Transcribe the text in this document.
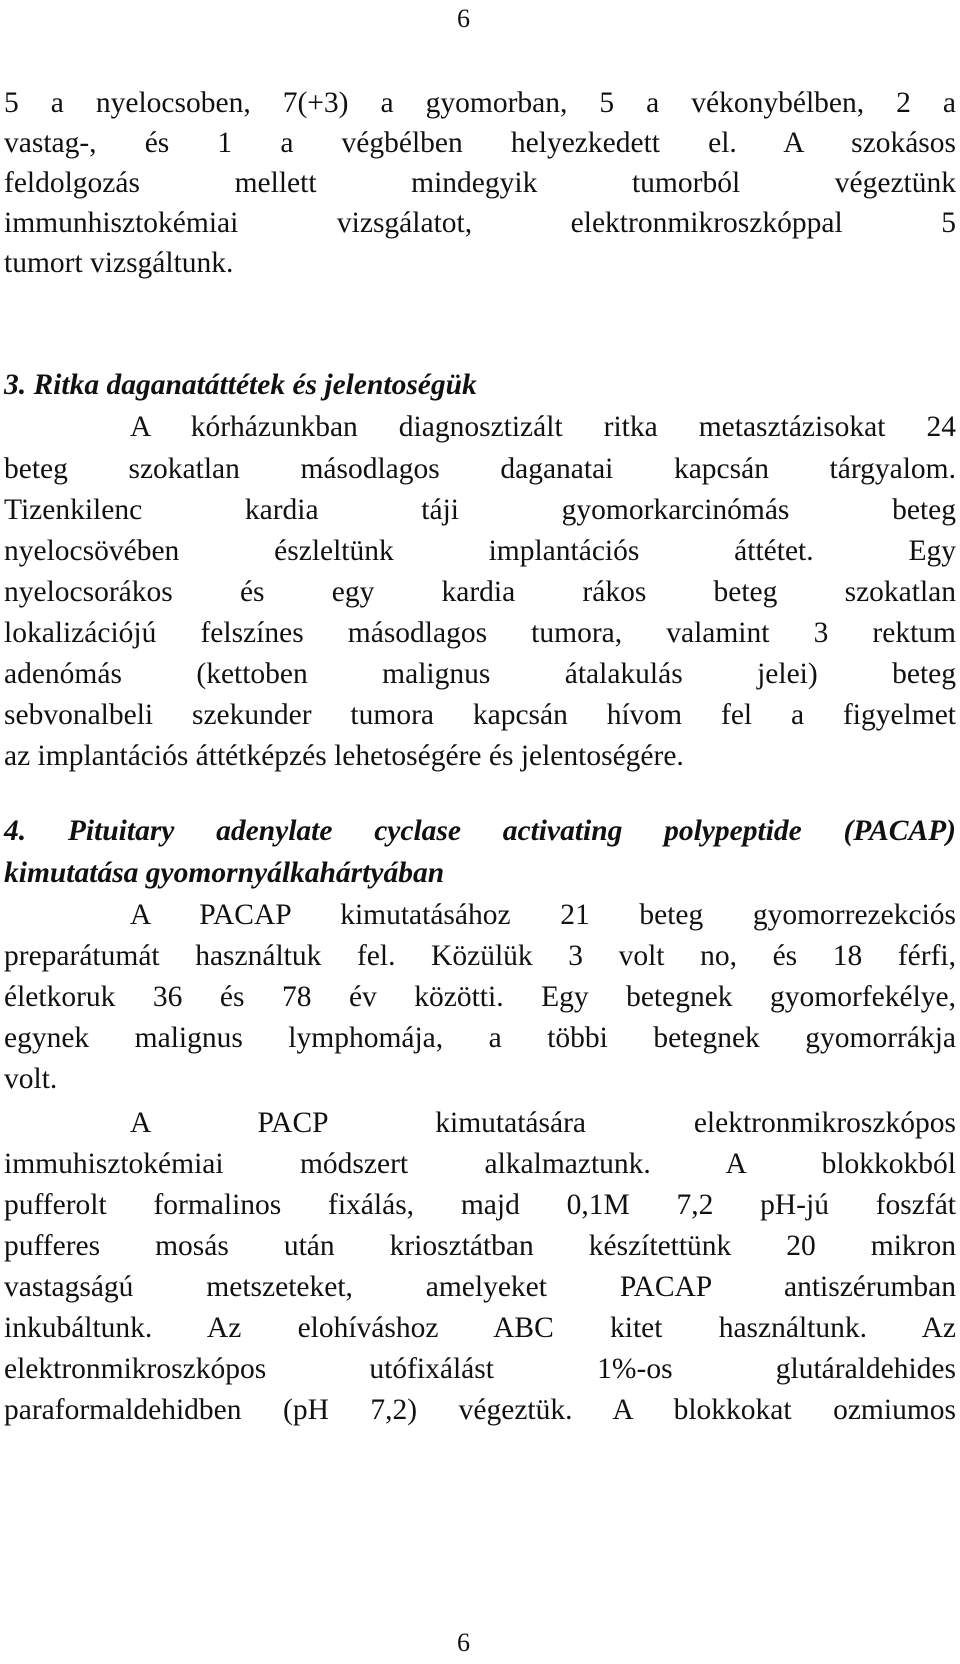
6
5 a nyelocsoben, 7(+3) a gyomorban, 5 a vékonybélben, 2 a
vastag-, és 1 a végbélben helyezkedett el. A szokásos
feldolgozás mellett mindegyik tumorból végeztünk
immunhisztokémiai vizsgálatot, elektronmikroszkóppal 5
tumort vizsgáltunk.
3. Ritka daganatáttétek és jelentoségük
A kórházunkban diagnosztizált ritka metasztázisokat 24
beteg szokatlan másodlagos daganatai kapcsán tárgyalom.
Tizenkilenc kardia táji gyomorkarcinómás beteg
nyelocsövében észleltünk implantációs áttétet. Egy
nyelocsorákos és egy kardia rákos beteg szokatlan
lokalizációjú felszínes másodlagos tumora, valamint 3 rektum
adenómás (kettoben malignus átalakulás jelei) beteg
sebvonalbeli szekunder tumora kapcsán hívom fel a figyelmet
az implantációs áttétképzés lehetoségére és jelentoségére.
4. Pituitary adenylate cyclase activating polypeptide (PACAP)
kimutatása gyomornyálkahártyában
A PACAP kimutatásához 21 beteg gyomorrezekciós
preparátumát használtuk fel. Közülük 3 volt no, és 18 férfi,
életkoruk 36 és 78 év közötti. Egy betegnek gyomorfekélye,
egynek malignus lymphomája, a többi betegnek gyomorrákja
volt.
A PACP kimutatására elektronmikroszkópos
immuhisztokémiai módszert alkalmaztunk. A blokkokból
pufferolt formalinos fixálás, majd 0,1M 7,2 pH-jú foszfát
pufferes mosás után kriosztátban készítettünk 20 mikron
vastagságú metszeteket, amelyeket PACAP antiszérumban
inkubáltunk. Az elohíváshoz ABC kitet használtunk. Az
elektronmikroszkópos utófixálást 1%-os glutáraldehides
paraformaldehidben (pH 7,2) végeztük. A blokkokat ozmiumos
6
